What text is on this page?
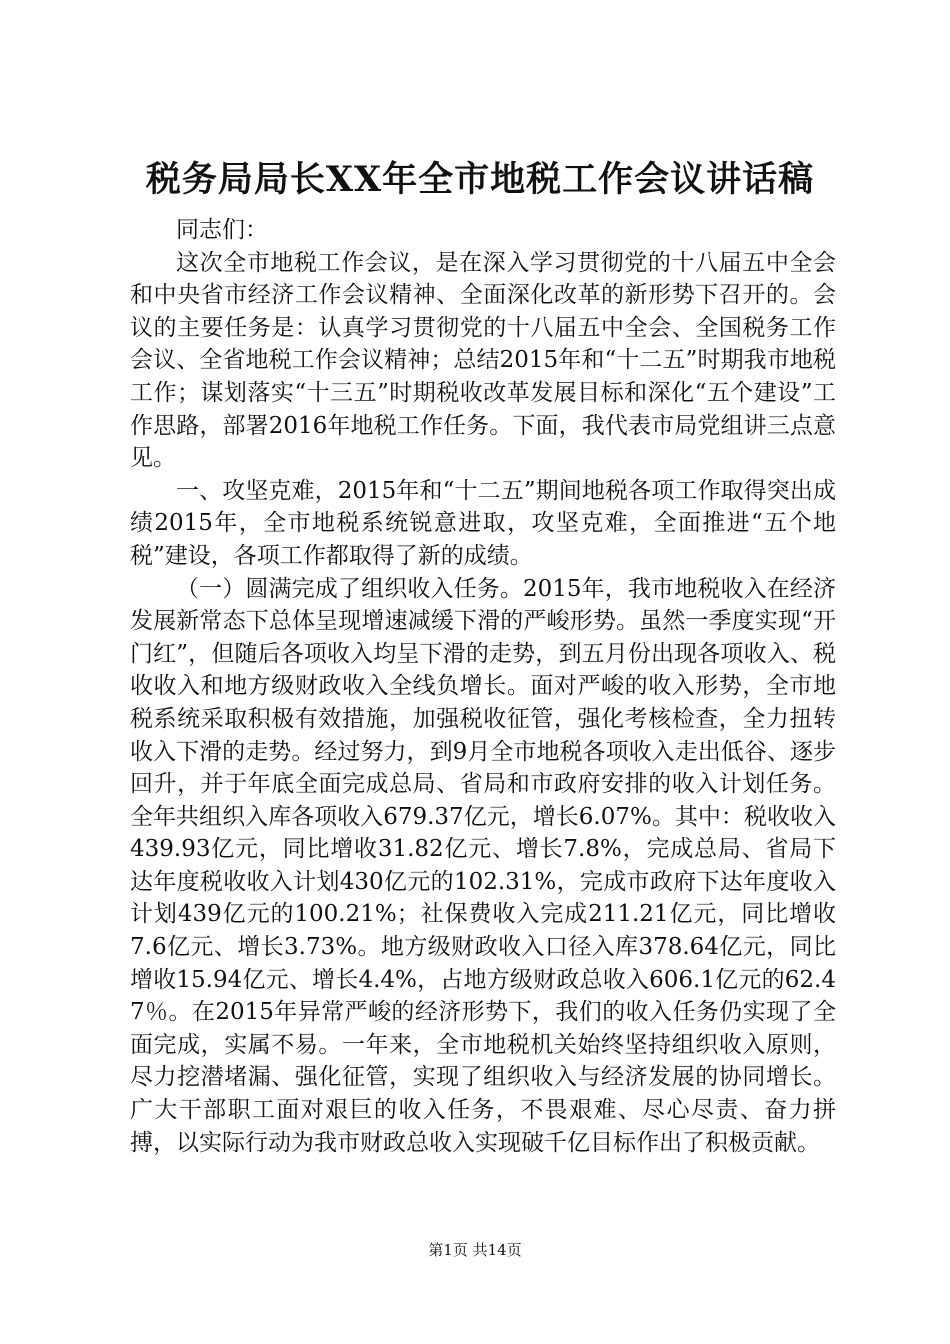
税务局局长XX年全市地税工作会议讲话稿

同志们：

这次全市地税工作会议，是在深入学习贯彻党的十八届五中全会和中央省市经济工作会议精神、全面深化改革的新形势下召开的。会议的主要任务是：认真学习贯彻党的十八届五中全会、全国税务工作会议、全省地税工作会议精神；总结2015年和“十二五”时期我市地税工作；谋划落实“十三五”时期税收改革发展目标和深化“五个建设”工作思路，部署2016年地税工作任务。下面，我代表市局党组讲三点意见。

一、攻坚克难，2015年和“十二五”期间地税各项工作取得突出成绩2015年，全市地税系统锐意进取，攻坚克难，全面推进“五个地税”建设，各项工作都取得了新的成绩。

（一）圆满完成了组织收入任务。2015年，我市地税收入在经济发展新常态下总体呈现增速减缓下滑的严峻形势。虽然一季度实现“开门红”，但随后各项收入均呈下滑的走势，到五月份出现各项收入、税收收入和地方级财政收入全线负增长。面对严峻的收入形势，全市地税系统采取积极有效措施，加强税收征管，强化考核检查，全力扭转收入下滑的走势。经过努力，到9月全市地税各项收入走出低谷、逐步回升，并于年底全面完成总局、省局和市政府安排的收入计划任务。全年共组织入库各项收入679.37亿元，增长6.07%。其中：税收收入439.93亿元，同比增收31.82亿元、增长7.8%，完成总局、省局下达年度税收收入计划430亿元的102.31%，完成市政府下达年度收入计划439亿元的100.21%；社保费收入完成211.21亿元，同比增收7.6亿元、增长3.73%。地方级财政收入口径入库378.64亿元，同比增收15.94亿元、增长4.4%，占地方级财政总收入606.1亿元的62.47％。在2015年异常严峻的经济形势下，我们的收入任务仍实现了全面完成，实属不易。一年来，全市地税机关始终坚持组织收入原则，尽力挖潜堵漏、强化征管，实现了组织收入与经济发展的协同增长。广大干部职工面对艰巨的收入任务，不畏艰难、尽心尽责、奋力拼搏，以实际行动为我市财政总收入实现破千亿目标作出了积极贡献。

第1页 共14页
